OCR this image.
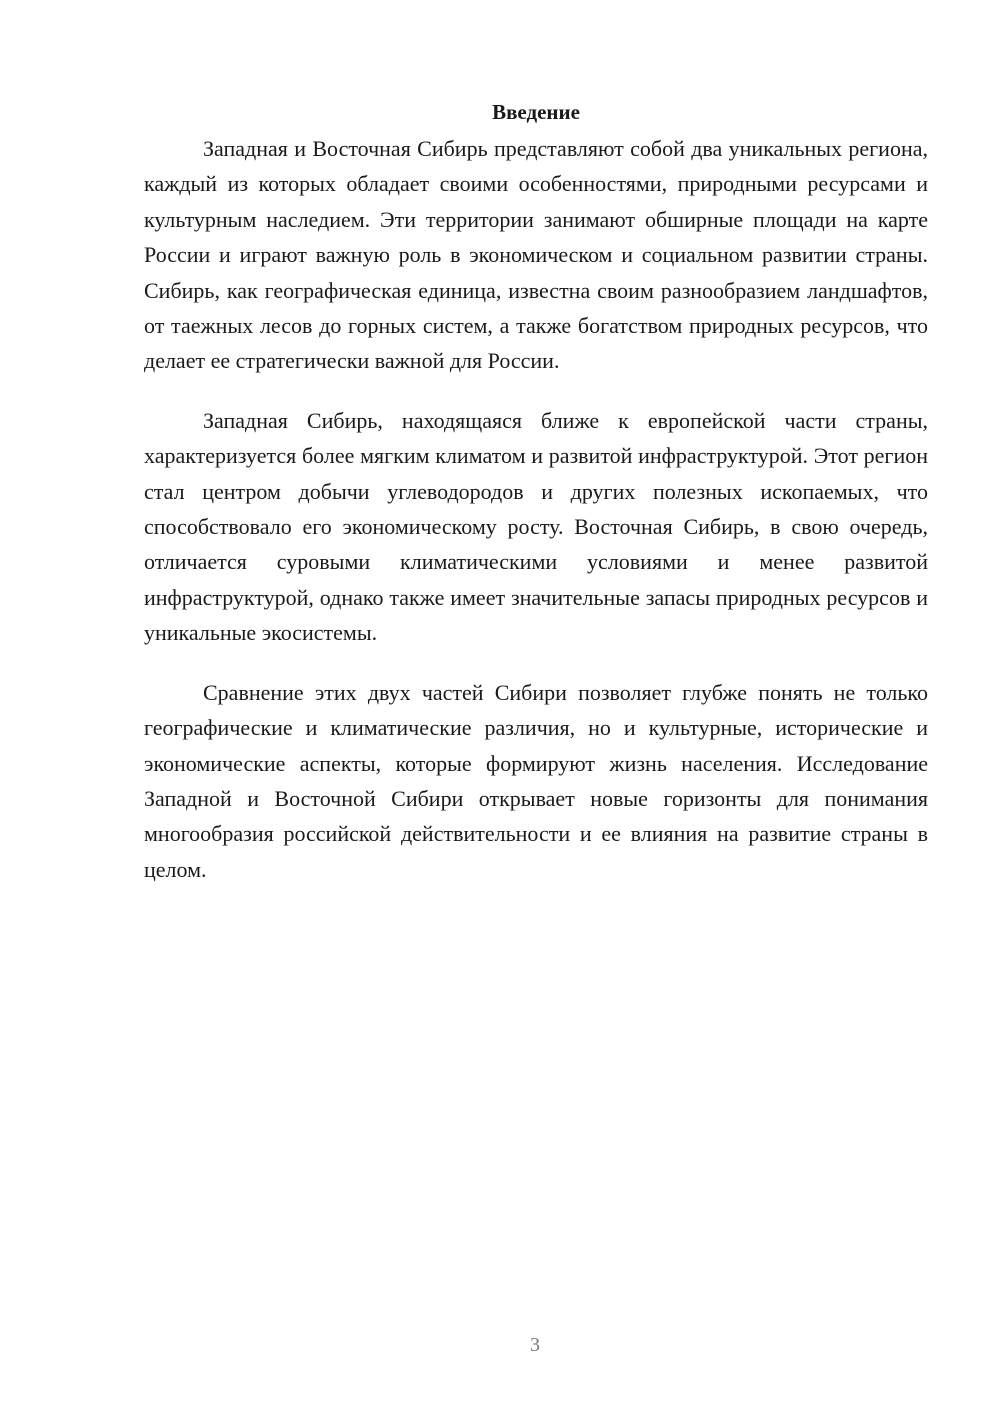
Введение

Западная и Восточная Сибирь представляют собой два уникальных региона, каждый из которых обладает своими особенностями, природными ресурсами и культурным наследием. Эти территории занимают обширные площади на карте России и играют важную роль в экономическом и социальном развитии страны. Сибирь, как географическая единица, известна своим разнообразием ландшафтов, от таежных лесов до горных систем, а также богатством природных ресурсов, что делает ее стратегически важной для России.

Западная Сибирь, находящаяся ближе к европейской части страны, характеризуется более мягким климатом и развитой инфраструктурой. Этот регион стал центром добычи углеводородов и других полезных ископаемых, что способствовало его экономическому росту. Восточная Сибирь, в свою очередь, отличается суровыми климатическими условиями и менее развитой инфраструктурой, однако также имеет значительные запасы природных ресурсов и уникальные экосистемы.

Сравнение этих двух частей Сибири позволяет глубже понять не только географические и климатические различия, но и культурные, исторические и экономические аспекты, которые формируют жизнь населения. Исследование Западной и Восточной Сибири открывает новые горизонты для понимания многообразия российской действительности и ее влияния на развитие страны в целом.

3
